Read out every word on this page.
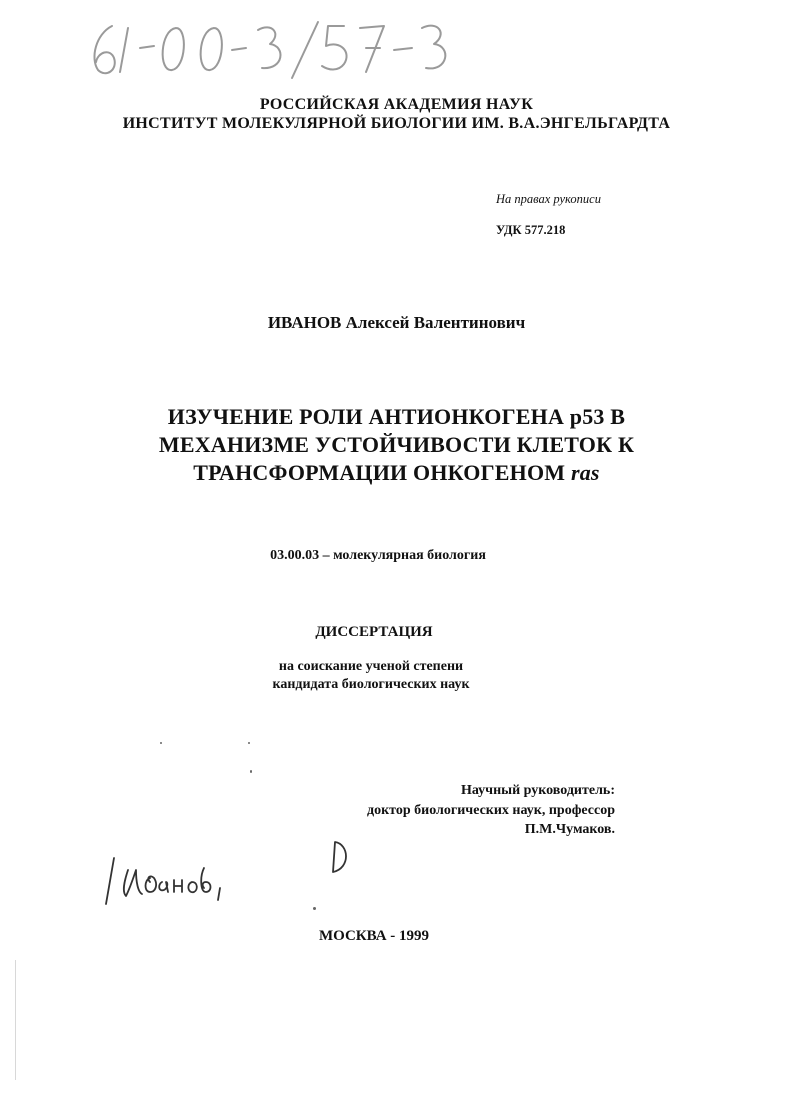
РОССИЙСКАЯ АКАДЕМИЯ НАУК
ИНСТИТУТ МОЛЕКУЛЯРНОЙ БИОЛОГИИ ИМ. В.А.ЭНГЕЛЬГАРДТА
На правах рукописи
УДК 577.218
ИВАНОВ Алексей Валентинович
ИЗУЧЕНИЕ РОЛИ АНТИОНКОГЕНА p53 В
МЕХАНИЗМЕ УСТОЙЧИВОСТИ КЛЕТОК К
ТРАНСФОРМАЦИИ ОНКОГЕНОМ ras
03.00.03 – молекулярная биология
ДИССЕРТАЦИЯ
на соискание ученой степени
кандидата биологических наук
Научный руководитель:
доктор биологических наук, профессор
П.М.Чумаков.
МОСКВА - 1999
